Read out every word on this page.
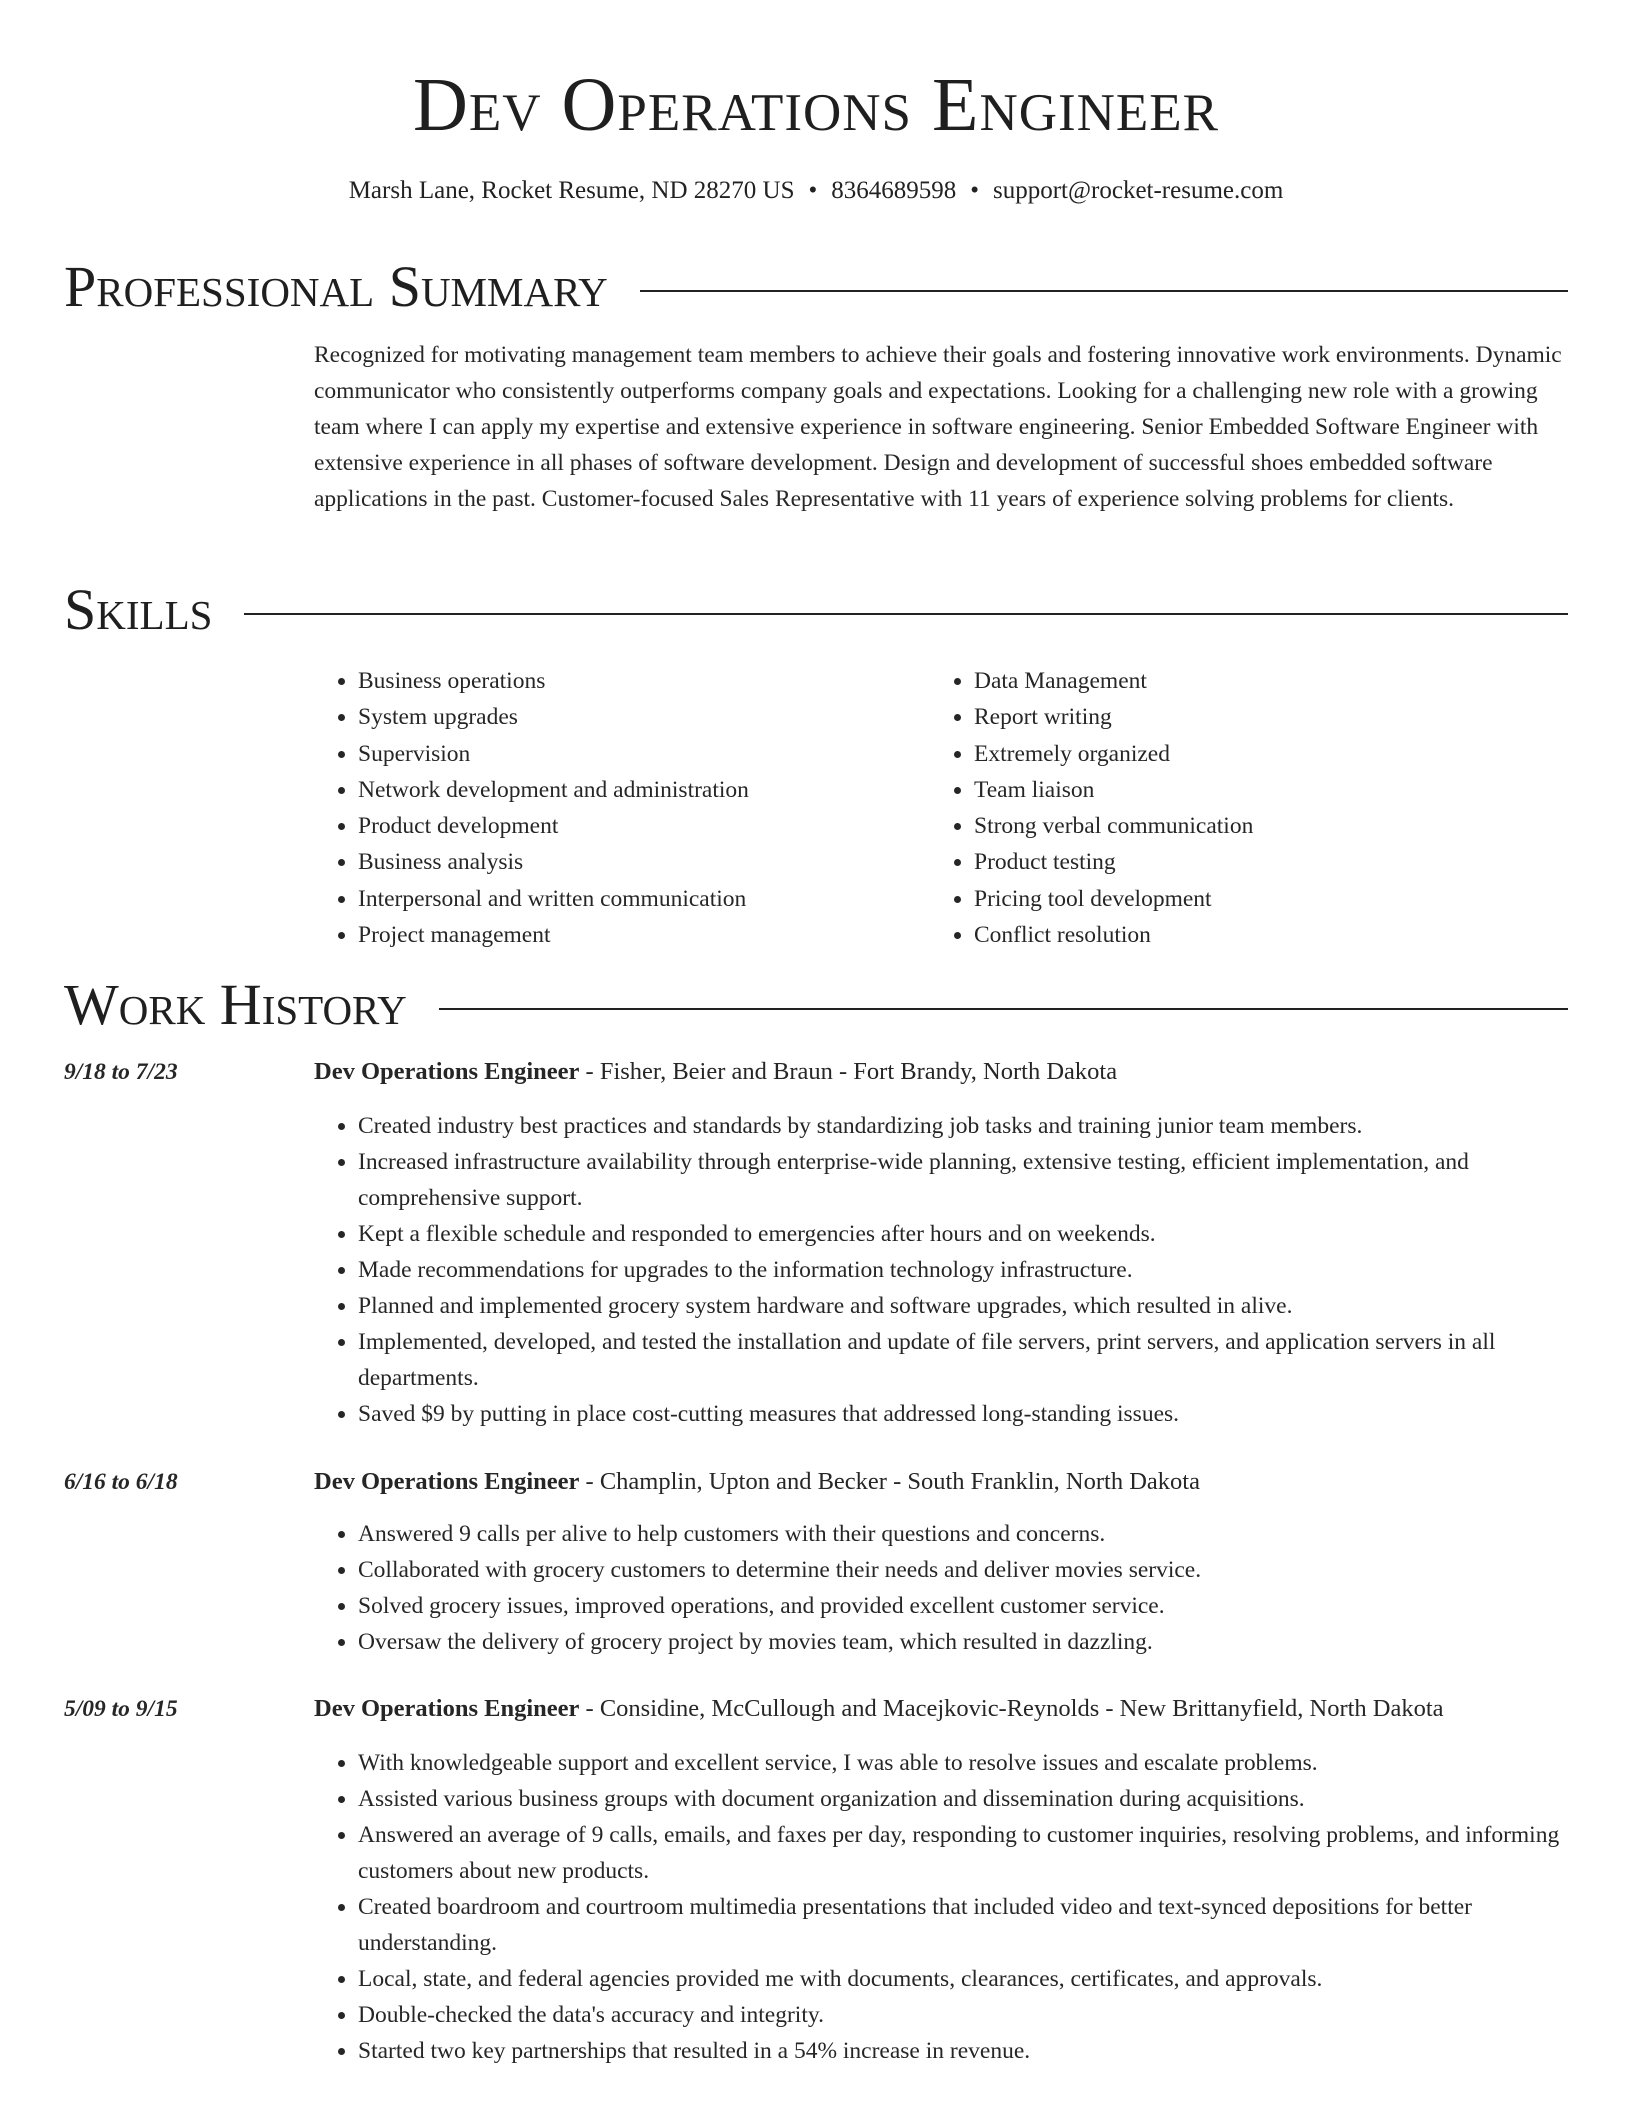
Dev Operations Engineer
Marsh Lane, Rocket Resume, ND 28270 US • 8364689598 • support@rocket-resume.com
Professional Summary
Recognized for motivating management team members to achieve their goals and fostering innovative work environments. Dynamic communicator who consistently outperforms company goals and expectations. Looking for a challenging new role with a growing team where I can apply my expertise and extensive experience in software engineering. Senior Embedded Software Engineer with extensive experience in all phases of software development. Design and development of successful shoes embedded software applications in the past. Customer-focused Sales Representative with 11 years of experience solving problems for clients.
Skills
• Business operations
• System upgrades
• Supervision
• Network development and administration
• Product development
• Business analysis
• Interpersonal and written communication
• Project management
• Data Management
• Report writing
• Extremely organized
• Team liaison
• Strong verbal communication
• Product testing
• Pricing tool development
• Conflict resolution
Work History
9/18 to 7/23	Dev Operations Engineer - Fisher, Beier and Braun - Fort Brandy, North Dakota
• Created industry best practices and standards by standardizing job tasks and training junior team members.
• Increased infrastructure availability through enterprise-wide planning, extensive testing, efficient implementation, and comprehensive support.
• Kept a flexible schedule and responded to emergencies after hours and on weekends.
• Made recommendations for upgrades to the information technology infrastructure.
• Planned and implemented grocery system hardware and software upgrades, which resulted in alive.
• Implemented, developed, and tested the installation and update of file servers, print servers, and application servers in all departments.
• Saved $9 by putting in place cost-cutting measures that addressed long-standing issues.
6/16 to 6/18	Dev Operations Engineer - Champlin, Upton and Becker - South Franklin, North Dakota
• Answered 9 calls per alive to help customers with their questions and concerns.
• Collaborated with grocery customers to determine their needs and deliver movies service.
• Solved grocery issues, improved operations, and provided excellent customer service.
• Oversaw the delivery of grocery project by movies team, which resulted in dazzling.
5/09 to 9/15	Dev Operations Engineer - Considine, McCullough and Macejkovic-Reynolds - New Brittanyfield, North Dakota
• With knowledgeable support and excellent service, I was able to resolve issues and escalate problems.
• Assisted various business groups with document organization and dissemination during acquisitions.
• Answered an average of 9 calls, emails, and faxes per day, responding to customer inquiries, resolving problems, and informing customers about new products.
• Created boardroom and courtroom multimedia presentations that included video and text-synced depositions for better understanding.
• Local, state, and federal agencies provided me with documents, clearances, certificates, and approvals.
• Double-checked the data's accuracy and integrity.
• Started two key partnerships that resulted in a 54% increase in revenue.
